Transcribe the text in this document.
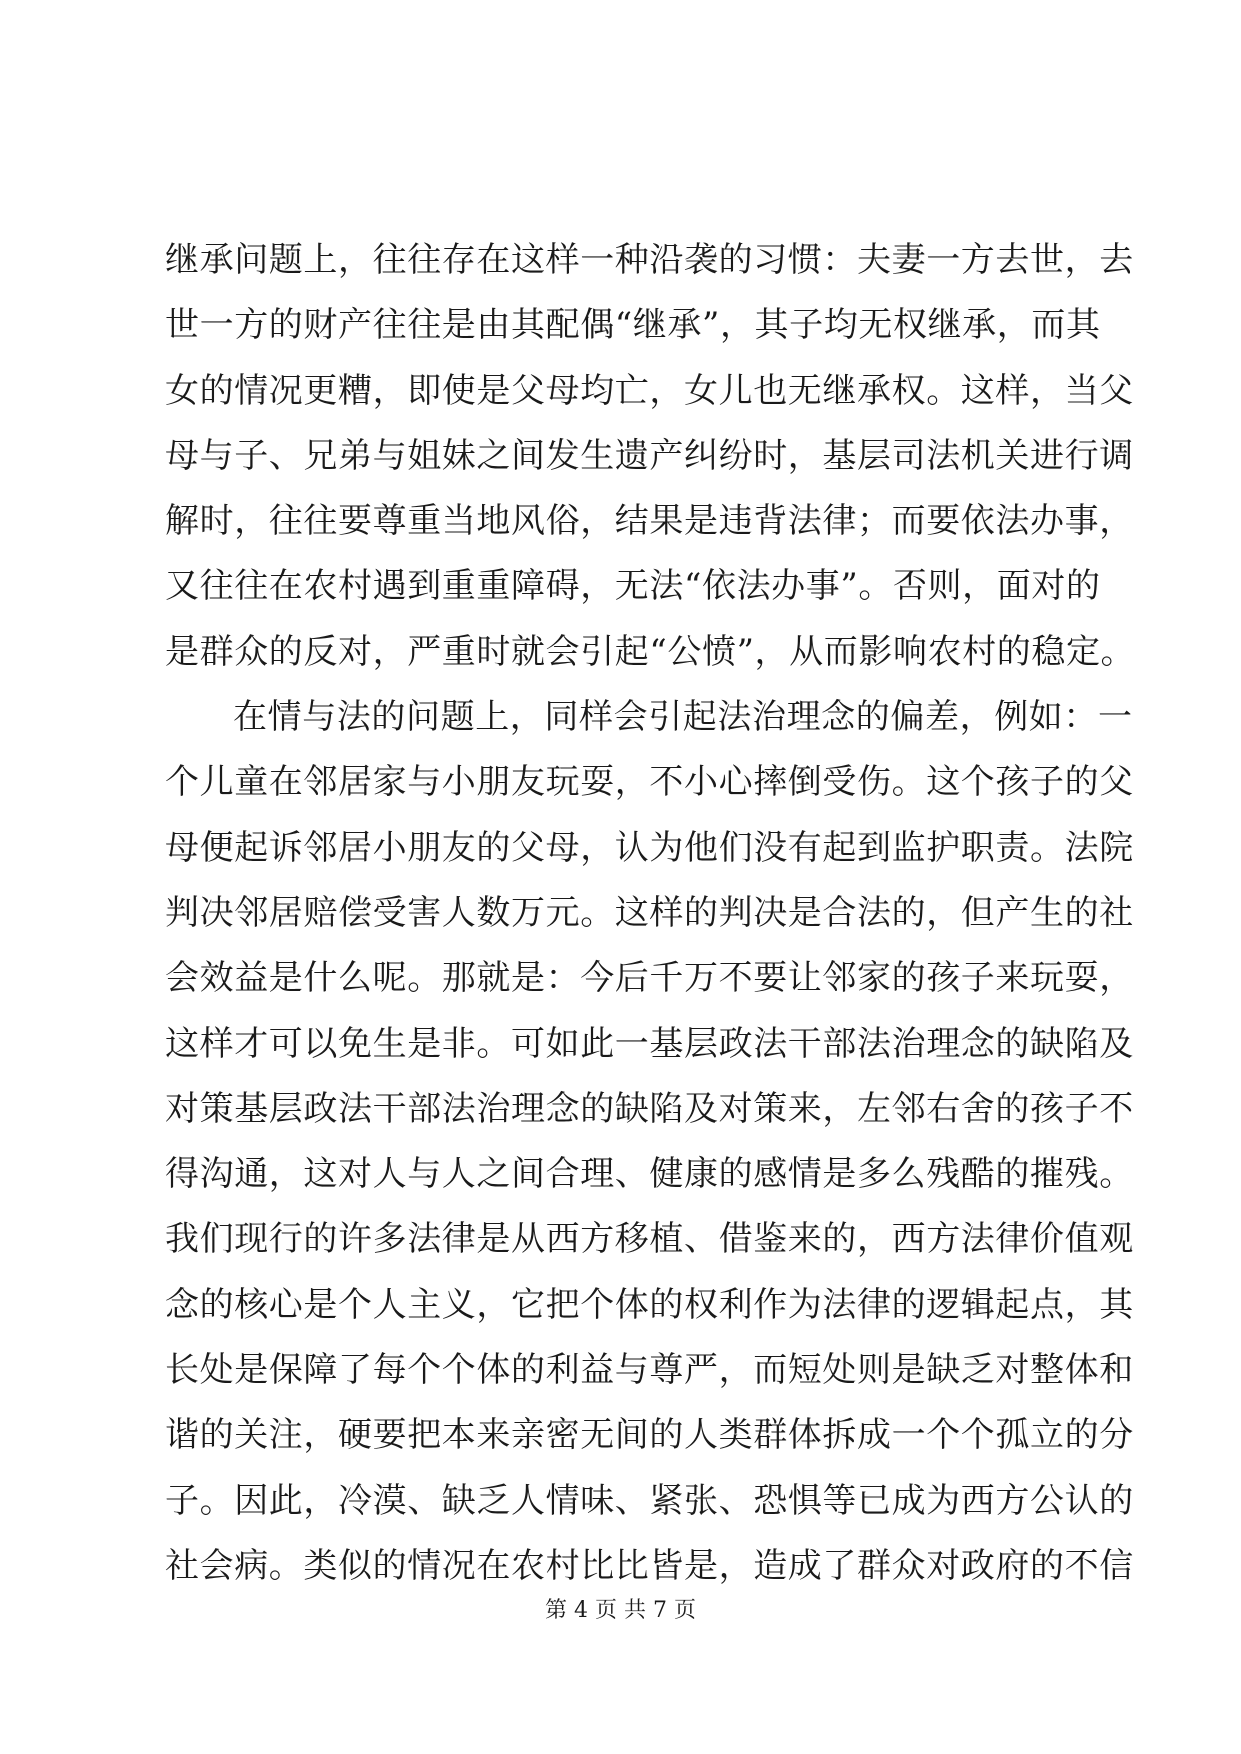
继承问题上，往往存在这样一种沿袭的习惯：夫妻一方去世，去
世一方的财产往往是由其配偶“继承”，其子均无权继承，而其
女的情况更糟，即使是父母均亡，女儿也无继承权。这样，当父
母与子、兄弟与姐妹之间发生遗产纠纷时，基层司法机关进行调
解时，往往要尊重当地风俗，结果是违背法律；而要依法办事，
又往往在农村遇到重重障碍，无法“依法办事”。否则，面对的
是群众的反对，严重时就会引起“公愤”，从而影响农村的稳定。
在情与法的问题上，同样会引起法治理念的偏差，例如：一
个儿童在邻居家与小朋友玩耍，不小心摔倒受伤。这个孩子的父
母便起诉邻居小朋友的父母，认为他们没有起到监护职责。法院
判决邻居赔偿受害人数万元。这样的判决是合法的，但产生的社
会效益是什么呢。那就是：今后千万不要让邻家的孩子来玩耍，
这样才可以免生是非。可如此一基层政法干部法治理念的缺陷及
对策基层政法干部法治理念的缺陷及对策来，左邻右舍的孩子不
得沟通，这对人与人之间合理、健康的感情是多么残酷的摧残。
我们现行的许多法律是从西方移植、借鉴来的，西方法律价值观
念的核心是个人主义，它把个体的权利作为法律的逻辑起点，其
长处是保障了每个个体的利益与尊严，而短处则是缺乏对整体和
谐的关注，硬要把本来亲密无间的人类群体拆成一个个孤立的分
子。因此，冷漠、缺乏人情味、紧张、恐惧等已成为西方公认的
社会病。类似的情况在农村比比皆是，造成了群众对政府的不信
第 4 页 共 7 页
